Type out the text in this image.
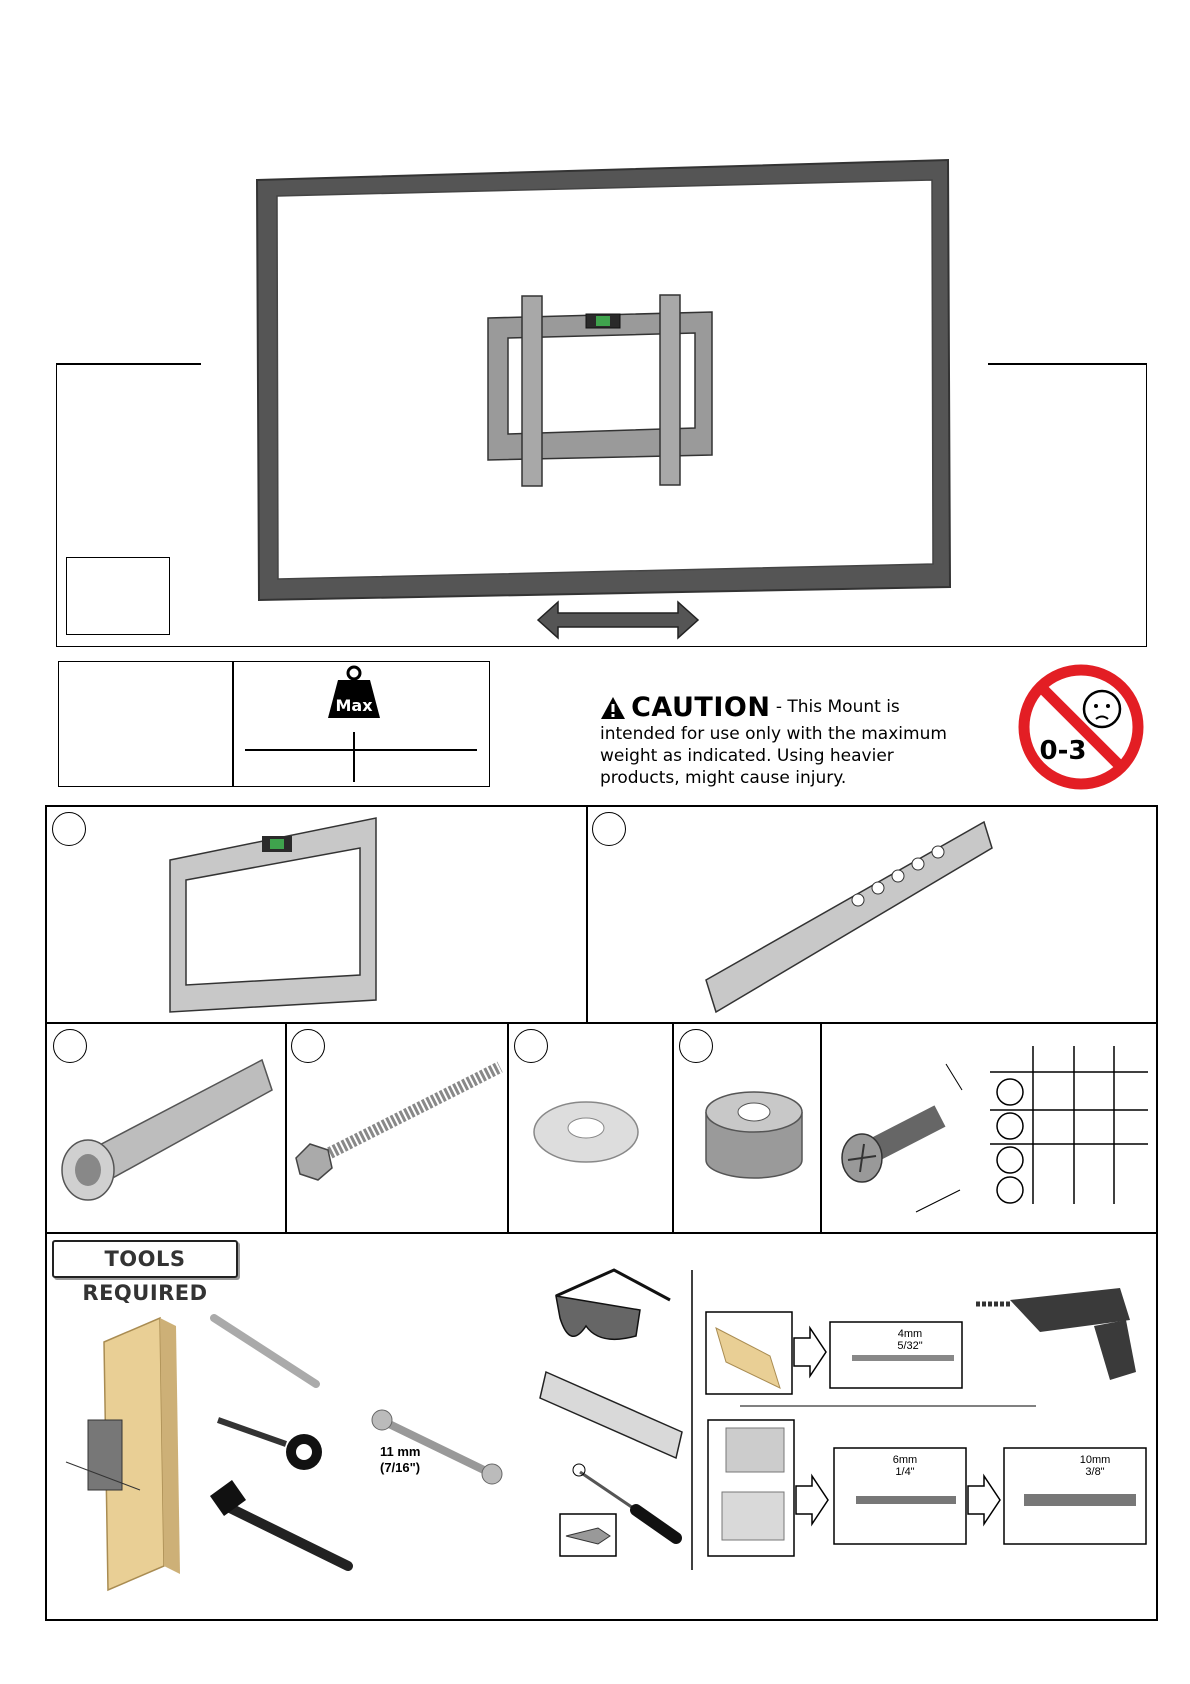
Max	CAUTION - This Mount is
intended for use only with the maximum weight as indicated. Using heavier products, might cause injury.
0-3
TOOLS REQUIRED
11 mm
(7/16")
4mm
5/32"
6mm
1/4"
10mm
3/8"
